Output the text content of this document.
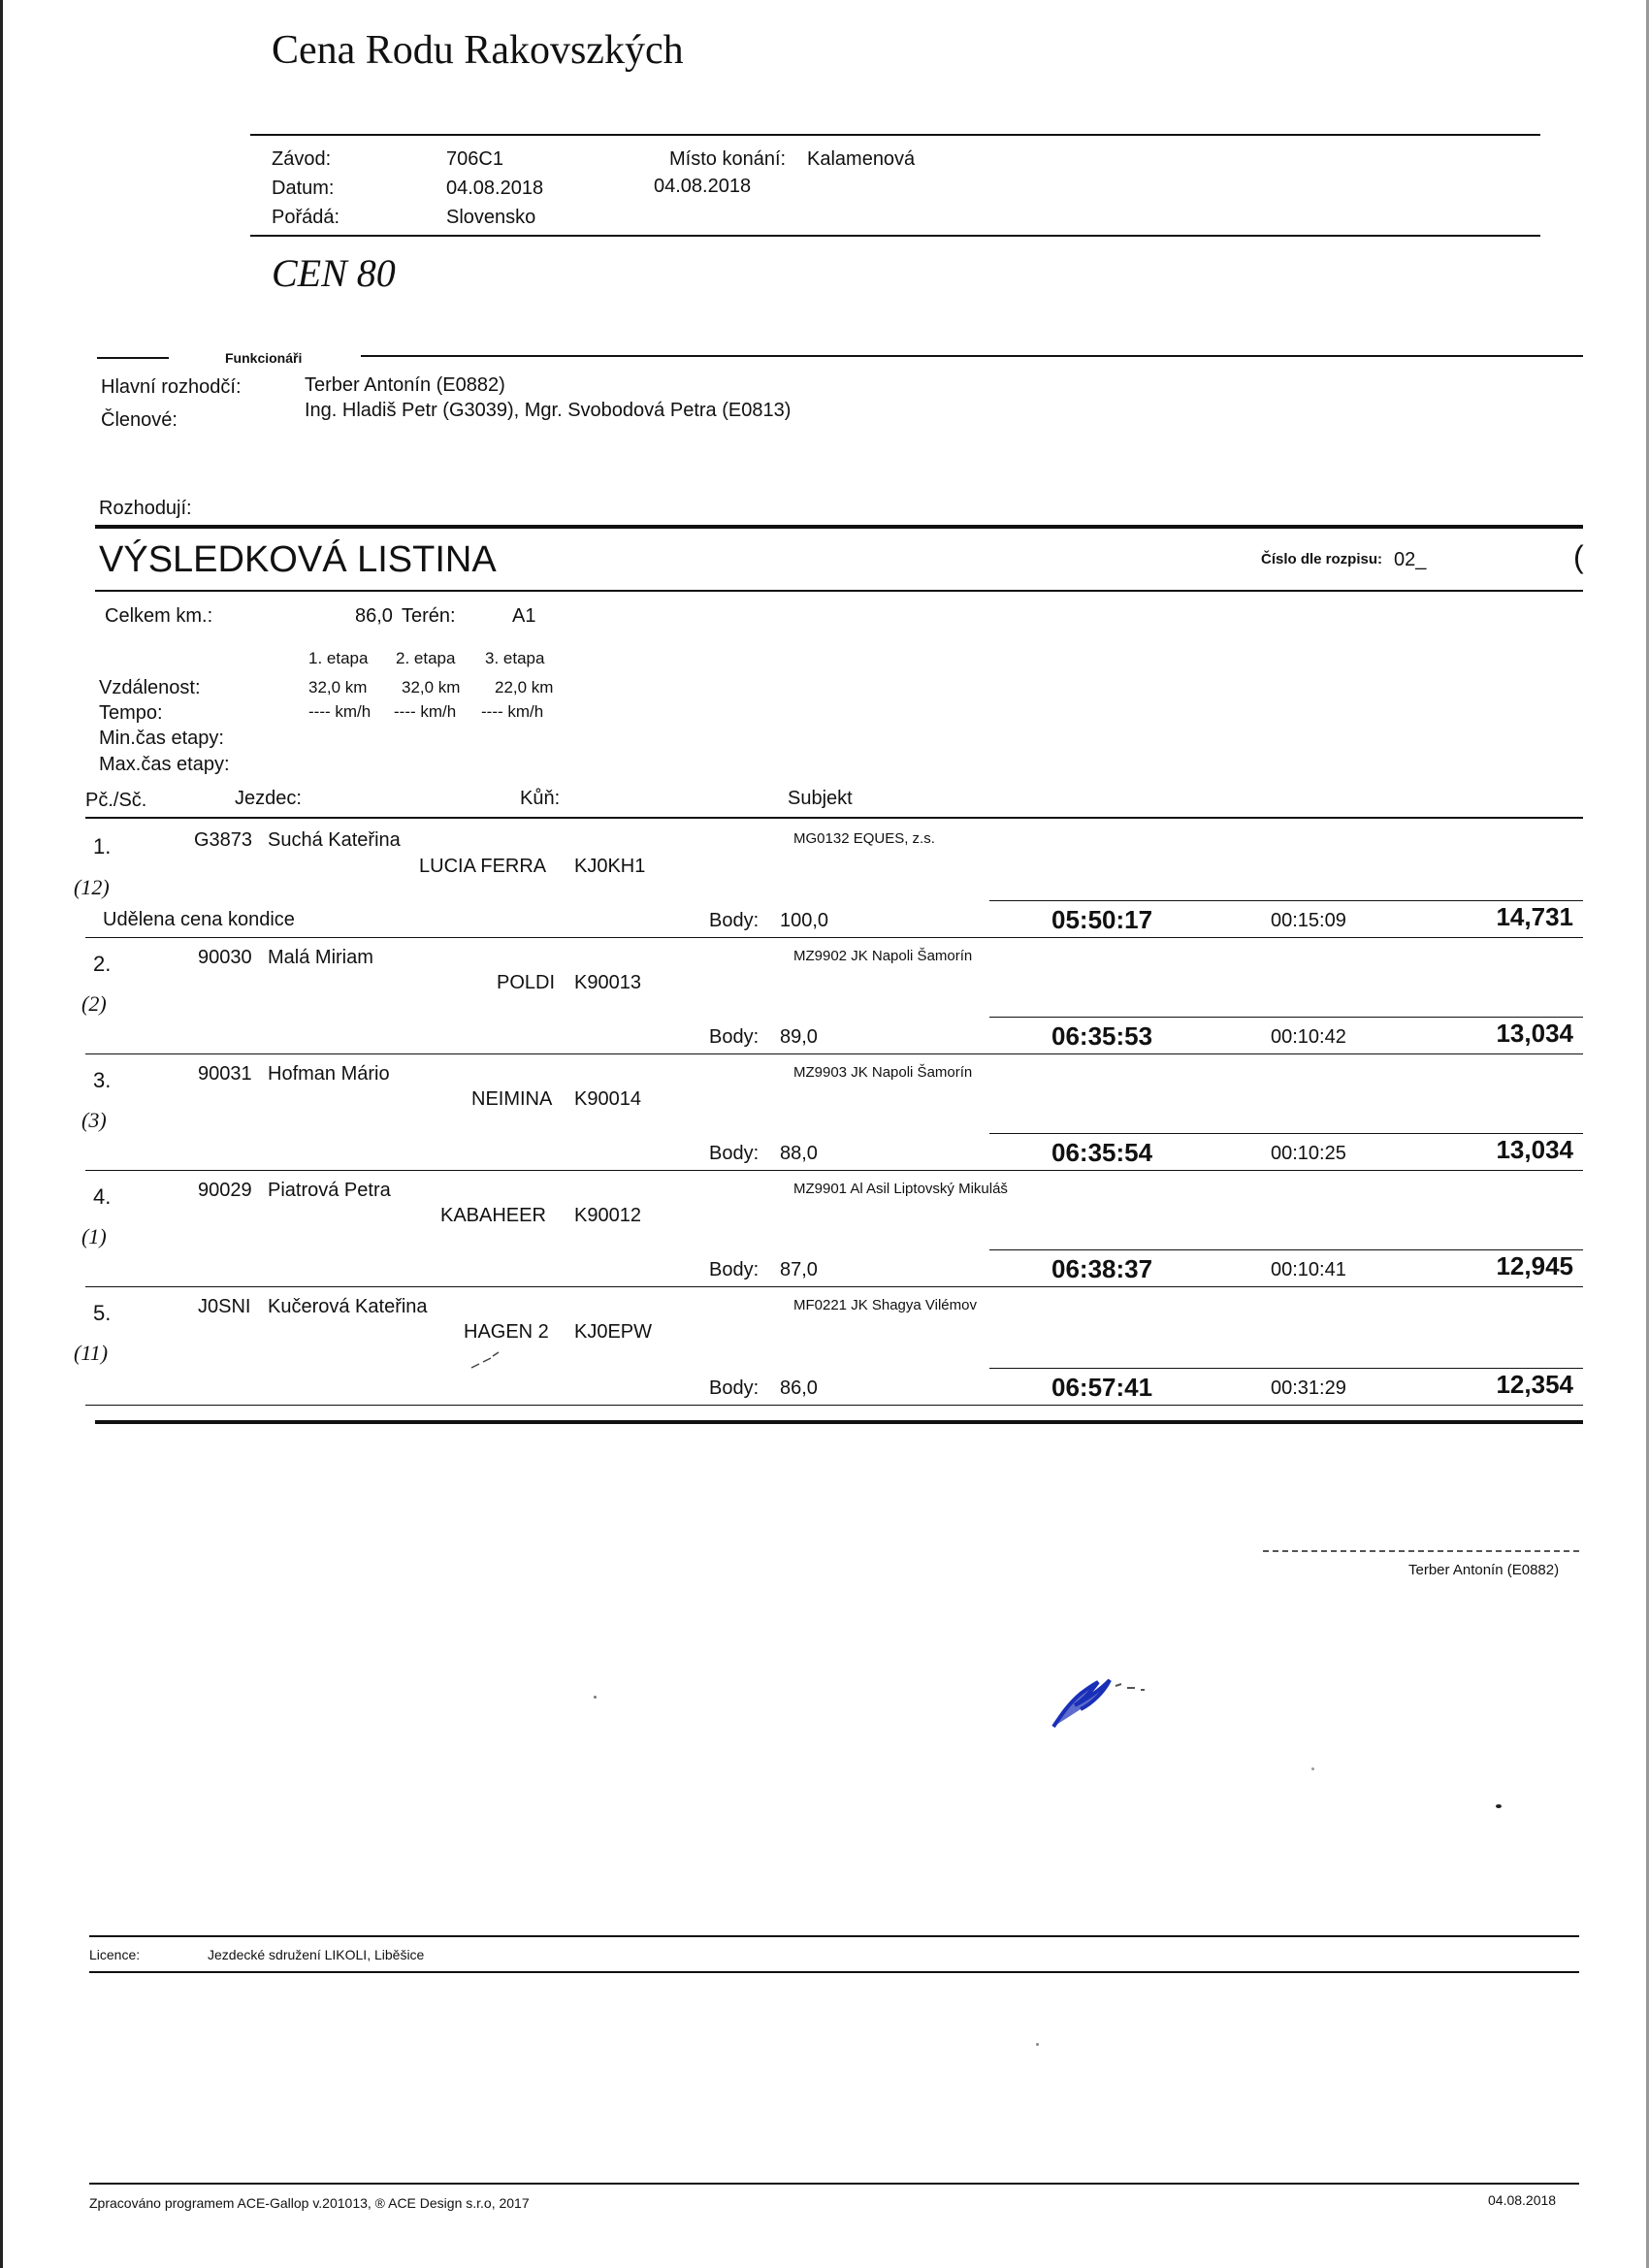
Cena Rodu Rakovszkých
Závod:	706C1	Místo konání: Kalamenová
Datum:	04.08.2018	04.08.2018
Pořádá:	Slovensko
CEN 80
Funkcionáři
Hlavní rozhodčí:	Terber Antonín (E0882)
Členové:	Ing. Hladiš Petr (G3039), Mgr. Svobodová Petra (E0813)
Rozhodují:
VÝSLEDKOVÁ LISTINA	Číslo dle rozpisu: 02_	(
Celkem km.:	86,0 Terén:	A1
1. etapa 2. etapa 3. etapa
Vzdálenost:	32,0 km 32,0 km 22,0 km
Tempo:	---- km/h ---- km/h ---- km/h
Min.čas etapy:
Max.čas etapy:
Pč./Sč.	Jezdec:	Kůň:	Subjekt
1.	G3873 Suchá Kateřina	MG0132 EQUES, z.s.
LUCIA FERRA KJ0KH1
(12)
Udělena cena kondice	Body: 100,0	05:50:17	00:15:09	14,731
2.	90030 Malá Miriam	MZ9902 JK Napoli Šamorín
POLDI K90013
(2)
Body: 89,0	06:35:53	00:10:42	13,034
3.	90031 Hofman Mário	MZ9903 JK Napoli Šamorín
NEIMINA K90014
(3)
Body: 88,0	06:35:54	00:10:25	13,034
4.	90029 Piatrová Petra	MZ9901 Al Asil Liptovský Mikuláš
KABAHEER K90012
(1)
Body: 87,0	06:38:37	00:10:41	12,945
5.	J0SNI Kučerová Kateřina	MF0221 JK Shagya Vilémov
HAGEN 2 KJ0EPW
(11)
Body: 86,0	06:57:41	00:31:29	12,354
Terber Antonín (E0882)
Licence:	Jezdecké sdružení LIKOLI, Liběšice
Zpracováno programem ACE-Gallop v.201013, ® ACE Design s.r.o, 2017	04.08.2018
